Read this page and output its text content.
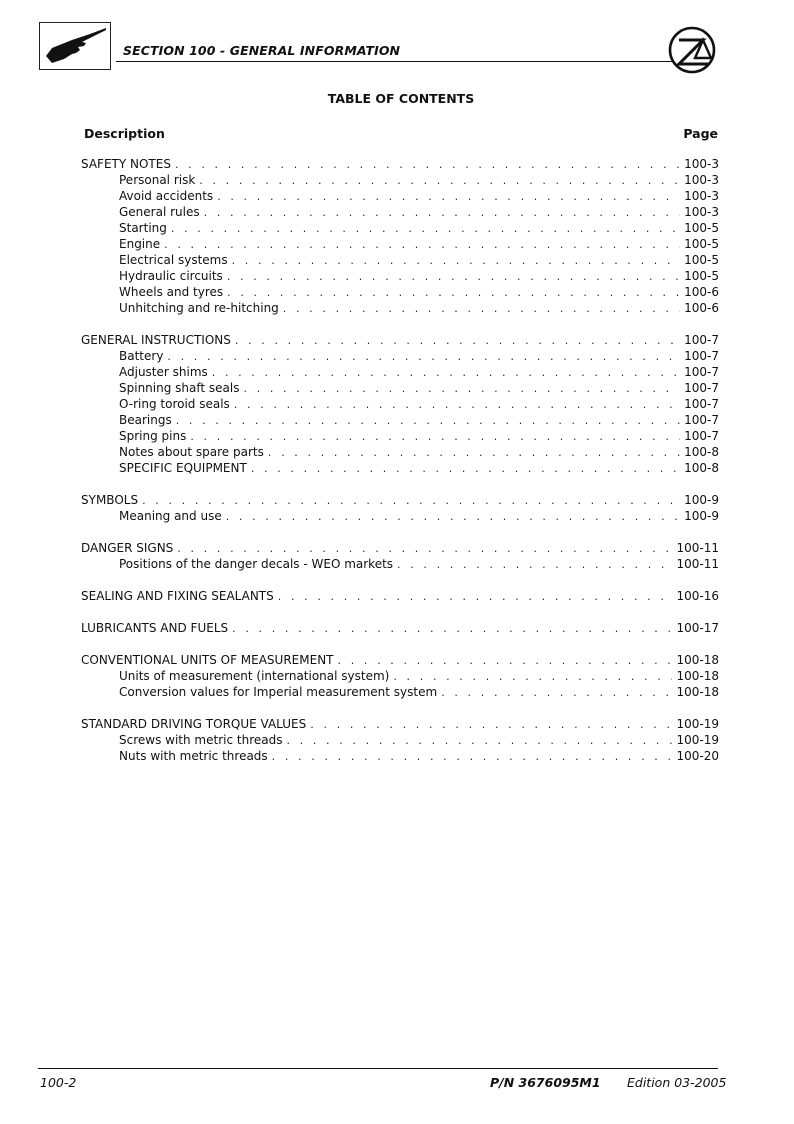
SECTION 100 - GENERAL INFORMATION
TABLE OF CONTENTS
Description	Page
SAFETY NOTES . . .	100-3
Personal risk . . .	100-3
Avoid accidents . . .	100-3
General rules . . .	100-3
Starting . . .	100-5
Engine . . .	100-5
Electrical systems . . .	100-5
Hydraulic circuits . . .	100-5
Wheels and tyres . . .	100-6
Unhitching and re-hitching . . .	100-6
GENERAL INSTRUCTIONS . . .	100-7
Battery . . .	100-7
Adjuster shims . . .	100-7
Spinning shaft seals . . .	100-7
O-ring toroid seals . . .	100-7
Bearings . . .	100-7
Spring pins . . .	100-7
Notes about spare parts . . .	100-8
SPECIFIC EQUIPMENT . . .	100-8
SYMBOLS . . .	100-9
Meaning and use . . .	100-9
DANGER SIGNS . . .	100-11
Positions of the danger decals - WEO markets . . .	100-11
SEALING AND FIXING SEALANTS . . .	100-16
LUBRICANTS AND FUELS . . .	100-17
CONVENTIONAL UNITS OF MEASUREMENT . . .	100-18
Units of measurement (international system) . . .	100-18
Conversion values for Imperial measurement system . . .	100-18
STANDARD DRIVING TORQUE VALUES . . .	100-19
Screws with metric threads . . .	100-19
Nuts with metric threads . . .	100-20
100-2	P/N 3676095M1 Edition 03-2005
